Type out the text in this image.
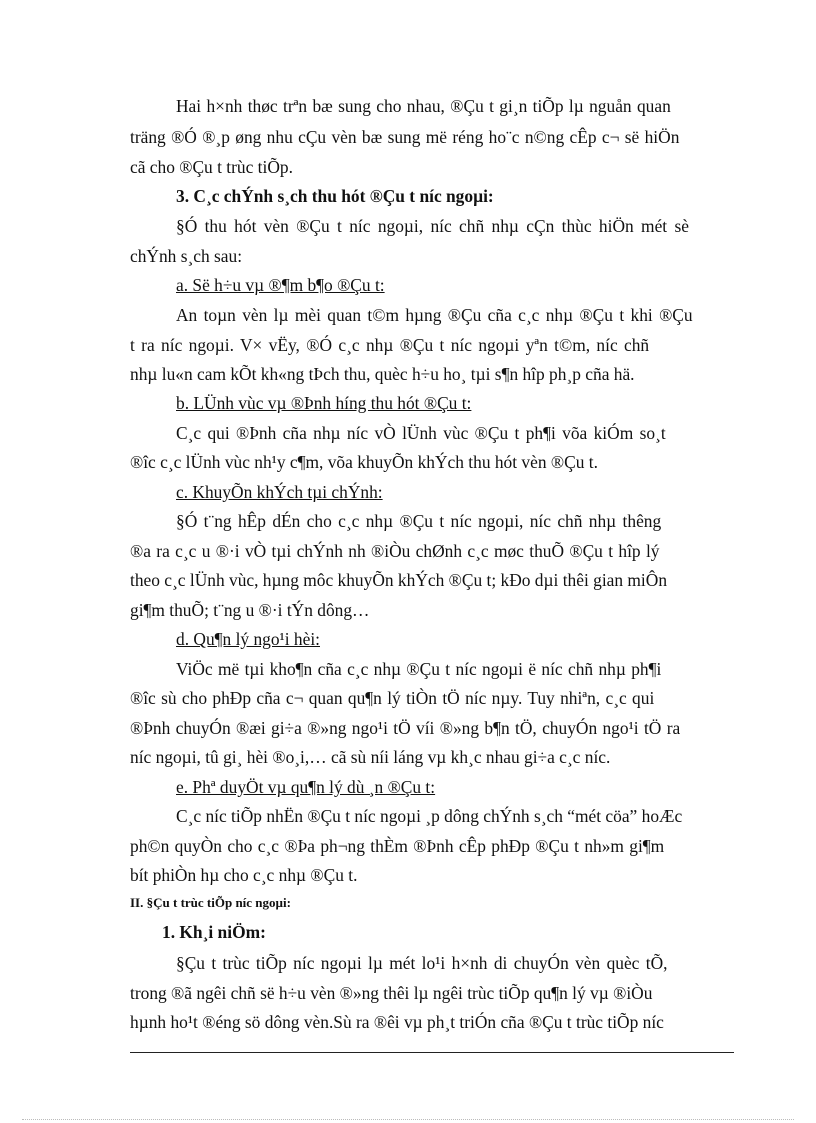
Hai h×nh thøc trªn bæ sung cho nhau, ®Çu t gi¸n tiÕp lµ nguån quan

träng ®Ó ®¸p øng nhu cÇu vèn bæ sung më réng ho¨c n©ng cÊp c¬ së hiÖn

cã cho ®Çu t trùc tiÕp.

3. C¸c chÝnh s¸ch thu hót ®Çu t níc ngoµi:

§Ó thu hót vèn ®Çu t níc ngoµi, níc chñ nhµ cÇn thùc hiÖn mét sè

chÝnh s¸ch sau:

a. Së h÷u vµ ®¶m b¶o ®Çu t:

An toµn vèn lµ mèi quan t©m hµng ®Çu cña c¸c nhµ ®Çu t khi ®Çu

t ra níc ngoµi. V× vËy, ®Ó c¸c nhµ ®Çu t níc ngoµi yªn t©m, níc chñ

nhµ lu«n cam kÕt kh«ng tÞch thu, quèc h÷u ho¸ tµi s¶n hîp ph¸p cña hä.

b. LÜnh vùc vµ ®Þnh híng thu hót ®Çu t:

C¸c qui ®Þnh cña nhµ níc vÒ lÜnh vùc ®Çu t ph¶i võa kiÓm so¸t

®îc c¸c lÜnh vùc nh¹y c¶m, võa khuyÕn khÝch thu hót vèn ®Çu t.

c. KhuyÕn khÝch tµi chÝnh:

§Ó t¨ng hÊp dÉn cho c¸c nhµ ®Çu t níc ngoµi, níc chñ nhµ thêng

®a ra c¸c u ®·i vÒ tµi chÝnh nh ®iÒu chØnh c¸c møc thuÕ ®Çu t hîp lý

theo c¸c lÜnh vùc, hµng môc khuyÕn khÝch ®Çu t; kÐo dµi thêi gian miÔn

gi¶m thuÕ; t¨ng u ®·i tÝn dông…

d. Qu¶n lý ngo¹i hèi:

ViÖc më tµi kho¶n cña c¸c nhµ ®Çu t níc ngoµi ë níc chñ nhµ ph¶i

®îc sù cho phÐp cña c¬ quan qu¶n lý tiÒn tÖ níc nµy. Tuy nhiªn, c¸c qui

®Þnh chuyÓn ®æi gi÷a ®»ng ngo¹i tÖ víi ®»ng b¶n tÖ, chuyÓn ngo¹i tÖ ra

níc ngoµi, tû gi¸ hèi ®o¸i,… cã sù níi láng vµ kh¸c nhau gi÷a c¸c níc.

e. Phª duyÖt vµ qu¶n lý dù ¸n ®Çu t:

C¸c níc tiÕp nhËn ®Çu t níc ngoµi ¸p dông chÝnh s¸ch “mét cöa” hoÆc

ph©n quyÒn cho c¸c ®Þa ph¬ng thÈm ®Þnh cÊp phÐp ®Çu t nh»m gi¶m

bít phiÒn hµ cho c¸c nhµ ®Çu t.

II. §Çu t trùc tiÕp níc ngoµi:

1. Kh¸i niÖm:

§Çu t trùc tiÕp níc ngoµi lµ mét lo¹i h×nh di chuyÓn vèn quèc tÕ,

trong ®ã ngêi chñ së h÷u vèn ®»ng thêi lµ ngêi trùc tiÕp qu¶n lý vµ ®iÒu

hµnh ho¹t ®éng sö dông vèn.Sù ra ®êi vµ ph¸t triÓn cña ®Çu t trùc tiÕp níc
